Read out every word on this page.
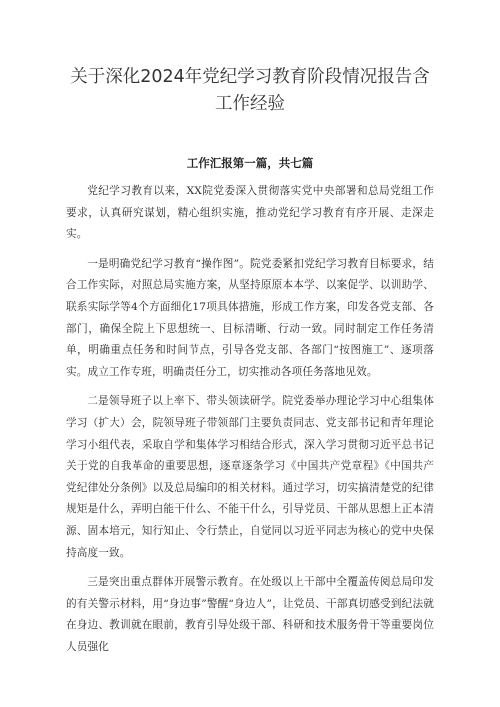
关于深化2024年党纪学习教育阶段情况报告含工作经验
工作汇报第一篇，共七篇

党纪学习教育以来，XX院党委深入贯彻落实党中央部署和总局党组工作要求，认真研究谋划，精心组织实施，推动党纪学习教育有序开展、走深走实。

一是明确党纪学习教育“操作图”。院党委紧扣党纪学习教育目标要求，结合工作实际，对照总局实施方案，从坚持原原本本学、以案促学、以训助学、联系实际学等4个方面细化17项具体措施，形成工作方案，印发各党支部、各部门，确保全院上下思想统一、目标清晰、行动一致。同时制定工作任务清单，明确重点任务和时间节点，引导各党支部、各部门“按图施工”、逐项落实。成立工作专班，明确责任分工，切实推动各项任务落地见效。

二是领导班子以上率下、带头领读研学。院党委举办理论学习中心组集体学习（扩大）会，院领导班子带领部门主要负责同志、党支部书记和青年理论学习小组代表，采取自学和集体学习相结合形式，深入学习贯彻习近平总书记关于党的自我革命的重要思想，逐章逐条学习《中国共产党章程》《中国共产党纪律处分条例》以及总局编印的相关材料。通过学习，切实搞清楚党的纪律规矩是什么，弄明白能干什么、不能干什么，引导党员、干部从思想上正本清源、固本培元，知行知止、令行禁止，自觉同以习近平同志为核心的党中央保持高度一致。

三是突出重点群体开展警示教育。在处级以上干部中全覆盖传阅总局印发的有关警示材料，用“身边事”警醒“身边人”，让党员、干部真切感受到纪法就在身边、教训就在眼前，教育引导处级干部、科研和技术服务骨干等重要岗位人员强化
